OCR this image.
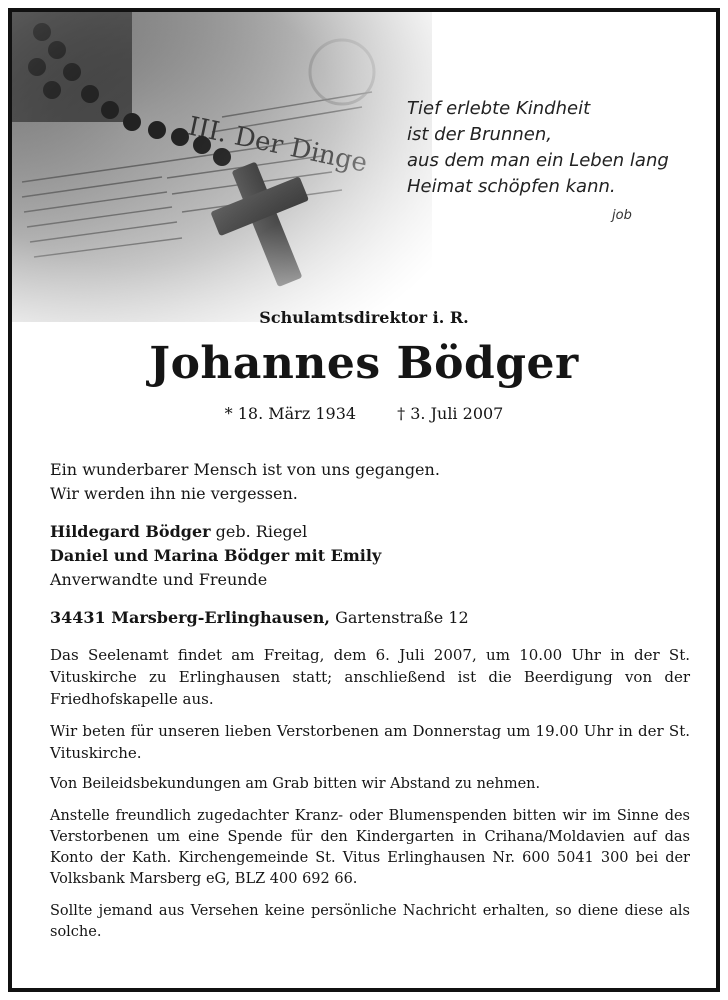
Tief erlebte Kindheit
ist der Brunnen,
aus dem man ein Leben lang
Heimat schöpfen kann.
job
Schulamtsdirektor i. R.
Johannes Bödger
* 18. März 1934	† 3. Juli 2007
Ein wunderbarer Mensch ist von uns gegangen.
Wir werden ihn nie vergessen.
Hildegard Bödger geb. Riegel
Daniel und Marina Bödger mit Emily
Anverwandte und Freunde
34431 Marsberg-Erlinghausen, Gartenstraße 12
Das Seelenamt findet am Freitag, dem 6. Juli 2007, um 10.00 Uhr in der St. Vituskirche zu Erlinghausen statt; anschließend ist die Beerdigung von der Friedhofskapelle aus.
Wir beten für unseren lieben Verstorbenen am Donnerstag um 19.00 Uhr in der St. Vituskirche.
Von Beileidsbekundungen am Grab bitten wir Abstand zu nehmen.
Anstelle freundlich zugedachter Kranz- oder Blumenspenden bitten wir im Sinne des Verstorbenen um eine Spende für den Kindergarten in Crihana/Moldavien auf das Konto der Kath. Kirchengemeinde St. Vitus Erlinghausen Nr. 600 5041 300 bei der Volksbank Marsberg eG, BLZ 400 692 66.
Sollte jemand aus Versehen keine persönliche Nachricht erhalten, so diene diese als solche.
